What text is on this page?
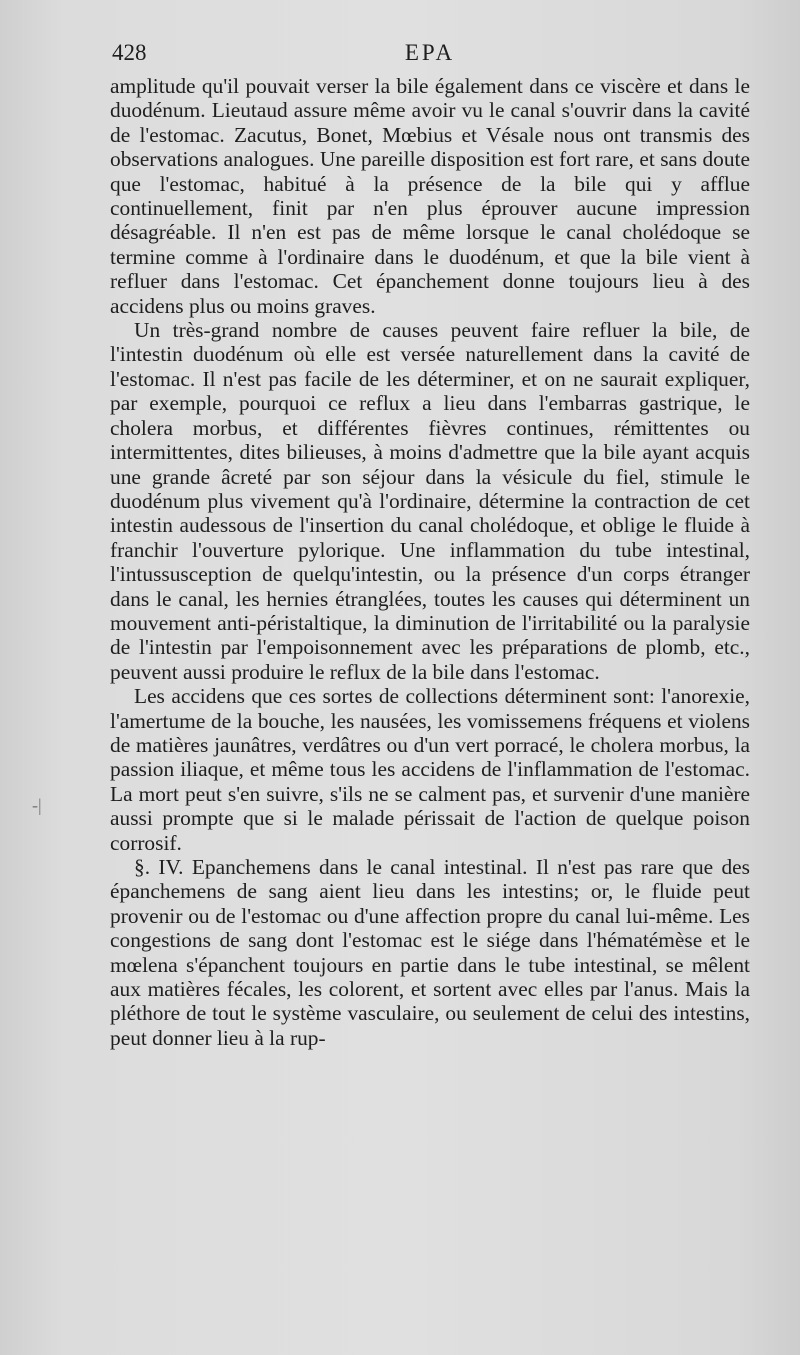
428	EPA
-|

amplitude qu'il pouvait verser la bile également dans ce viscère et dans le duodénum. Lieutaud assure même avoir vu le canal s'ouvrir dans la cavité de l'estomac. Zacutus, Bonet, Mœbius et Vésale nous ont transmis des observations analogues. Une pareille disposition est fort rare, et sans doute que l'estomac, habitué à la présence de la bile qui y afflue continuellement, finit par n'en plus éprouver aucune impression désagréable. Il n'en est pas de même lorsque le canal cholédoque se termine comme à l'ordinaire dans le duodénum, et que la bile vient à refluer dans l'estomac. Cet épanchement donne toujours lieu à des accidens plus ou moins graves.

Un très-grand nombre de causes peuvent faire refluer la bile, de l'intestin duodénum où elle est versée naturellement dans la cavité de l'estomac. Il n'est pas facile de les déterminer, et on ne saurait expliquer, par exemple, pourquoi ce reflux a lieu dans l'embarras gastrique, le cholera morbus, et différentes fièvres continues, rémittentes ou intermittentes, dites bilieuses, à moins d'admettre que la bile ayant acquis une grande âcreté par son séjour dans la vésicule du fiel, stimule le duodénum plus vivement qu'à l'ordinaire, détermine la contraction de cet intestin audessous de l'insertion du canal cholédoque, et oblige le fluide à franchir l'ouverture pylorique. Une inflammation du tube intestinal, l'intussusception de quelqu'intestin, ou la présence d'un corps étranger dans le canal, les hernies étranglées, toutes les causes qui déterminent un mouvement anti-péristaltique, la diminution de l'irritabilité ou la paralysie de l'intestin par l'empoisonnement avec les préparations de plomb, etc., peuvent aussi produire le reflux de la bile dans l'estomac.

Les accidens que ces sortes de collections déterminent sont: l'anorexie, l'amertume de la bouche, les nausées, les vomissemens fréquens et violens de matières jaunâtres, verdâtres ou d'un vert porracé, le cholera morbus, la passion iliaque, et même tous les accidens de l'inflammation de l'estomac. La mort peut s'en suivre, s'ils ne se calment pas, et survenir d'une manière aussi prompte que si le malade périssait de l'action de quelque poison corrosif.

§. IV. Epanchemens dans le canal intestinal. Il n'est pas rare que des épanchemens de sang aient lieu dans les intestins; or, le fluide peut provenir ou de l'estomac ou d'une affection propre du canal lui-même. Les congestions de sang dont l'estomac est le siége dans l'hématémèse et le mœlena s'épanchent toujours en partie dans le tube intestinal, se mêlent aux matières fécales, les colorent, et sortent avec elles par l'anus. Mais la pléthore de tout le système vasculaire, ou seulement de celui des intestins, peut donner lieu à la rup-
